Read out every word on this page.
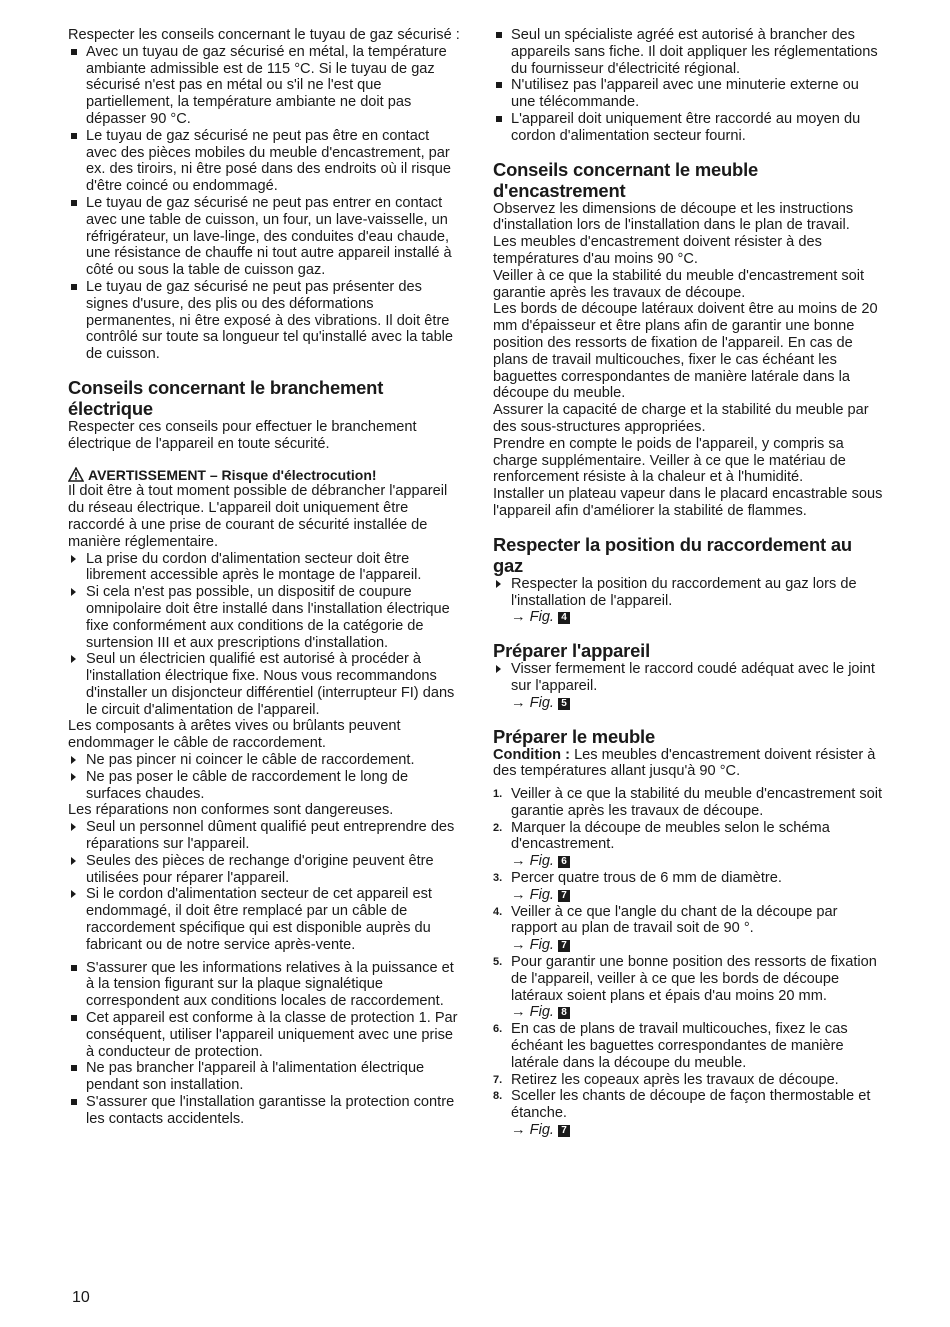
Respecter les conseils concernant le tuyau de gaz sécurisé :

Avec un tuyau de gaz sécurisé en métal, la température ambiante admissible est de 115 °C. Si le tuyau de gaz sécurisé n'est pas en métal ou s'il ne l'est que partiellement, la température ambiante ne doit pas dépasser 90 °C.
Le tuyau de gaz sécurisé ne peut pas être en contact avec des pièces mobiles du meuble d'encastrement, par ex. des tiroirs, ni être posé dans des endroits où il risque d'être coincé ou endommagé.
Le tuyau de gaz sécurisé ne peut pas entrer en contact avec une table de cuisson, un four, un lave-vaisselle, un réfrigérateur, un lave-linge, des conduites d'eau chaude, une résistance de chauffe ni tout autre appareil installé à côté ou sous la table de cuisson gaz.
Le tuyau de gaz sécurisé ne peut pas présenter des signes d'usure, des plis ou des déformations permanentes, ni être exposé à des vibrations. Il doit être contrôlé sur toute sa longueur tel qu'installé avec la table de cuisson.
Conseils concernant le branchement électrique

Respecter ces conseils pour effectuer le branchement électrique de l'appareil en toute sécurité.

AVERTISSEMENT – Risque d'électrocution!

Il doit être à tout moment possible de débrancher l'appareil du réseau électrique. L'appareil doit uniquement être raccordé à une prise de courant de sécurité installée de manière réglementaire.

La prise du cordon d'alimentation secteur doit être librement accessible après le montage de l'appareil.
Si cela n'est pas possible, un dispositif de coupure omnipolaire doit être installé dans l'installation électrique fixe conformément aux conditions de la catégorie de surtension III et aux prescriptions d'installation.
Seul un électricien qualifié est autorisé à procéder à l'installation électrique fixe. Nous vous recommandons d'installer un disjoncteur différentiel (interrupteur FI) dans le circuit d'alimentation de l'appareil.

Les composants à arêtes vives ou brûlants peuvent endommager le câble de raccordement.

Ne pas pincer ni coincer le câble de raccordement.
Ne pas poser le câble de raccordement le long de surfaces chaudes.

Les réparations non conformes sont dangereuses.

Seul un personnel dûment qualifié peut entreprendre des réparations sur l'appareil.
Seules des pièces de rechange d'origine peuvent être utilisées pour réparer l'appareil.
Si le cordon d'alimentation secteur de cet appareil est endommagé, il doit être remplacé par un câble de raccordement spécifique qui est disponible auprès du fabricant ou de notre service après-vente.
S'assurer que les informations relatives à la puissance et à la tension figurant sur la plaque signalétique correspondent aux conditions locales de raccordement.
Cet appareil est conforme à la classe de protection 1. Par conséquent, utiliser l'appareil uniquement avec une prise à conducteur de protection.
Ne pas brancher l'appareil à l'alimentation électrique pendant son installation.
S'assurer que l'installation garantisse la protection contre les contacts accidentels.
Seul un spécialiste agréé est autorisé à brancher des appareils sans fiche. Il doit appliquer les réglementations du fournisseur d'électricité régional.
N'utilisez pas l'appareil avec une minuterie externe ou une télécommande.
L'appareil doit uniquement être raccordé au moyen du cordon d'alimentation secteur fourni.
Conseils concernant le meuble d'encastrement

Observez les dimensions de découpe et les instructions d'installation lors de l'installation dans le plan de travail.

Les meubles d'encastrement doivent résister à des températures d'au moins 90 °C.

Veiller à ce que la stabilité du meuble d'encastrement soit garantie après les travaux de découpe.

Les bords de découpe latéraux doivent être au moins de 20 mm d'épaisseur et être plans afin de garantir une bonne position des ressorts de fixation de l'appareil. En cas de plans de travail multicouches, fixer le cas échéant les baguettes correspondantes de manière latérale dans la découpe du meuble.

Assurer la capacité de charge et la stabilité du meuble par des sous-structures appropriées.

Prendre en compte le poids de l'appareil, y compris sa charge supplémentaire. Veiller à ce que le matériau de renforcement résiste à la chaleur et à l'humidité.

Installer un plateau vapeur dans le placard encastrable sous l'appareil afin d'améliorer la stabilité de flammes.

Respecter la position du raccordement au gaz
Respecter la position du raccordement au gaz lors de l'installation de l'appareil.
→ Fig. 4
Préparer l'appareil
Visser fermement le raccord coudé adéquat avec le joint sur l'appareil.
→ Fig. 5
Préparer le meuble

Condition : Les meubles d'encastrement doivent résister à des températures allant jusqu'à 90 °C.

1. Veiller à ce que la stabilité du meuble d'encastrement soit garantie après les travaux de découpe.
2. Marquer la découpe de meubles selon le schéma d'encastrement.
→ Fig. 6
3. Percer quatre trous de 6 mm de diamètre.
→ Fig. 7
4. Veiller à ce que l'angle du chant de la découpe par rapport au plan de travail soit de 90 °.
→ Fig. 7
5. Pour garantir une bonne position des ressorts de fixation de l'appareil, veiller à ce que les bords de découpe latéraux soient plans et épais d'au moins 20 mm.
→ Fig. 8
6. En cas de plans de travail multicouches, fixez le cas échéant les baguettes correspondantes de manière latérale dans la découpe du meuble.
7. Retirez les copeaux après les travaux de découpe.
8. Sceller les chants de découpe de façon thermostable et étanche.
→ Fig. 7
10
